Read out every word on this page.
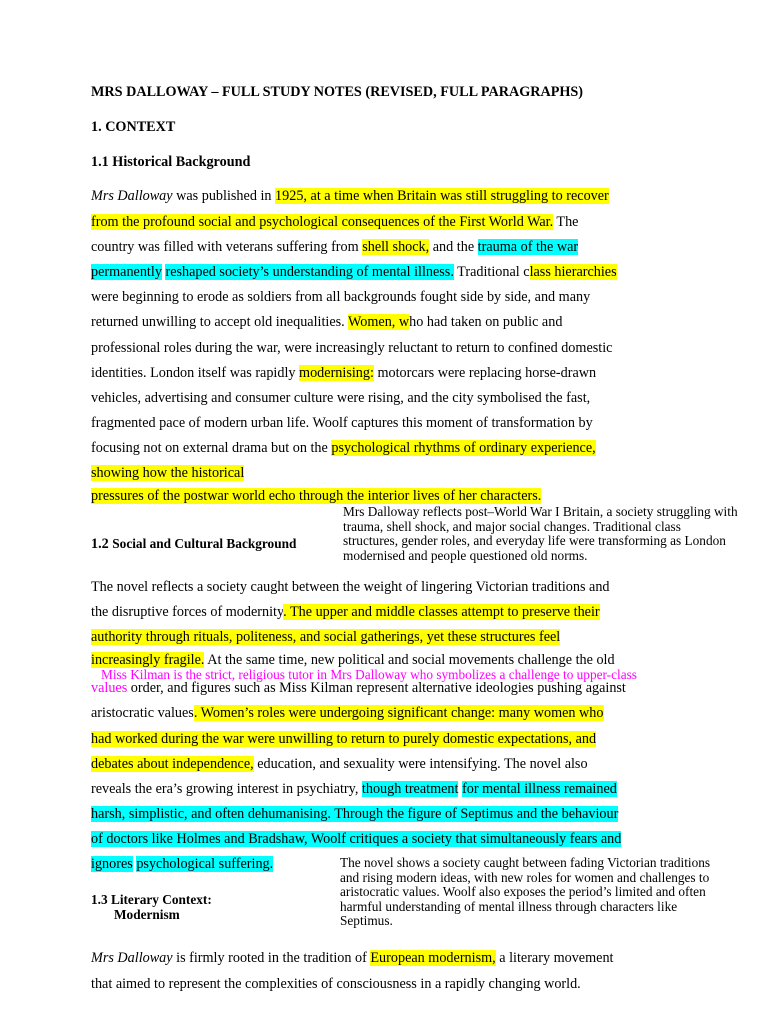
MRS DALLOWAY – FULL STUDY NOTES (REVISED, FULL PARAGRAPHS)
1. CONTEXT
1.1 Historical Background
Mrs Dalloway was published in 1925, at a time when Britain was still struggling to recover
from the profound social and psychological consequences of the First World War. The
country was filled with veterans suffering from shell shock, and the trauma of the war
permanently reshaped society’s understanding of mental illness. Traditional class hierarchies
were beginning to erode as soldiers from all backgrounds fought side by side, and many
returned unwilling to accept old inequalities. Women, who had taken on public and
professional roles during the war, were increasingly reluctant to return to confined domestic
identities. London itself was rapidly modernising: motorcars were replacing horse-drawn
vehicles, advertising and consumer culture were rising, and the city symbolised the fast,
fragmented pace of modern urban life. Woolf captures this moment of transformation by
focusing not on external drama but on the psychological rhythms of ordinary experience,
showing how the historical
pressures of the postwar world echo through the interior lives of her characters.
Mrs Dalloway reflects post–World War I Britain, a society struggling with trauma, shell shock, and major social changes. Traditional class structures, gender roles, and everyday life were transforming as London modernised and people questioned old norms.
1.2 Social and Cultural Background
The novel reflects a society caught between the weight of lingering Victorian traditions and
the disruptive forces of modernity. The upper and middle classes attempt to preserve their
authority through rituals, politeness, and social gatherings, yet these structures feel
increasingly fragile. At the same time, new political and social movements challenge the old
values order, and figures such as Miss Kilman represent alternative ideologies pushing against
aristocratic values. Women’s roles were undergoing significant change: many women who
had worked during the war were unwilling to return to purely domestic expectations, and
debates about independence, education, and sexuality were intensifying. The novel also
reveals the era’s growing interest in psychiatry, though treatment for mental illness remained
harsh, simplistic, and often dehumanising. Through the figure of Septimus and the behaviour
of doctors like Holmes and Bradshaw, Woolf critiques a society that simultaneously fears and
ignores psychological suffering.
Miss Kilman is the strict, religious tutor in Mrs Dalloway who symbolizes a challenge to upper-class
The novel shows a society caught between fading Victorian traditions and rising modern ideas, with new roles for women and challenges to aristocratic values. Woolf also exposes the period’s limited and often harmful understanding of mental illness through characters like Septimus.
1.3 Literary Context:
Modernism
Mrs Dalloway is firmly rooted in the tradition of European modernism, a literary movement
that aimed to represent the complexities of consciousness in a rapidly changing world.
